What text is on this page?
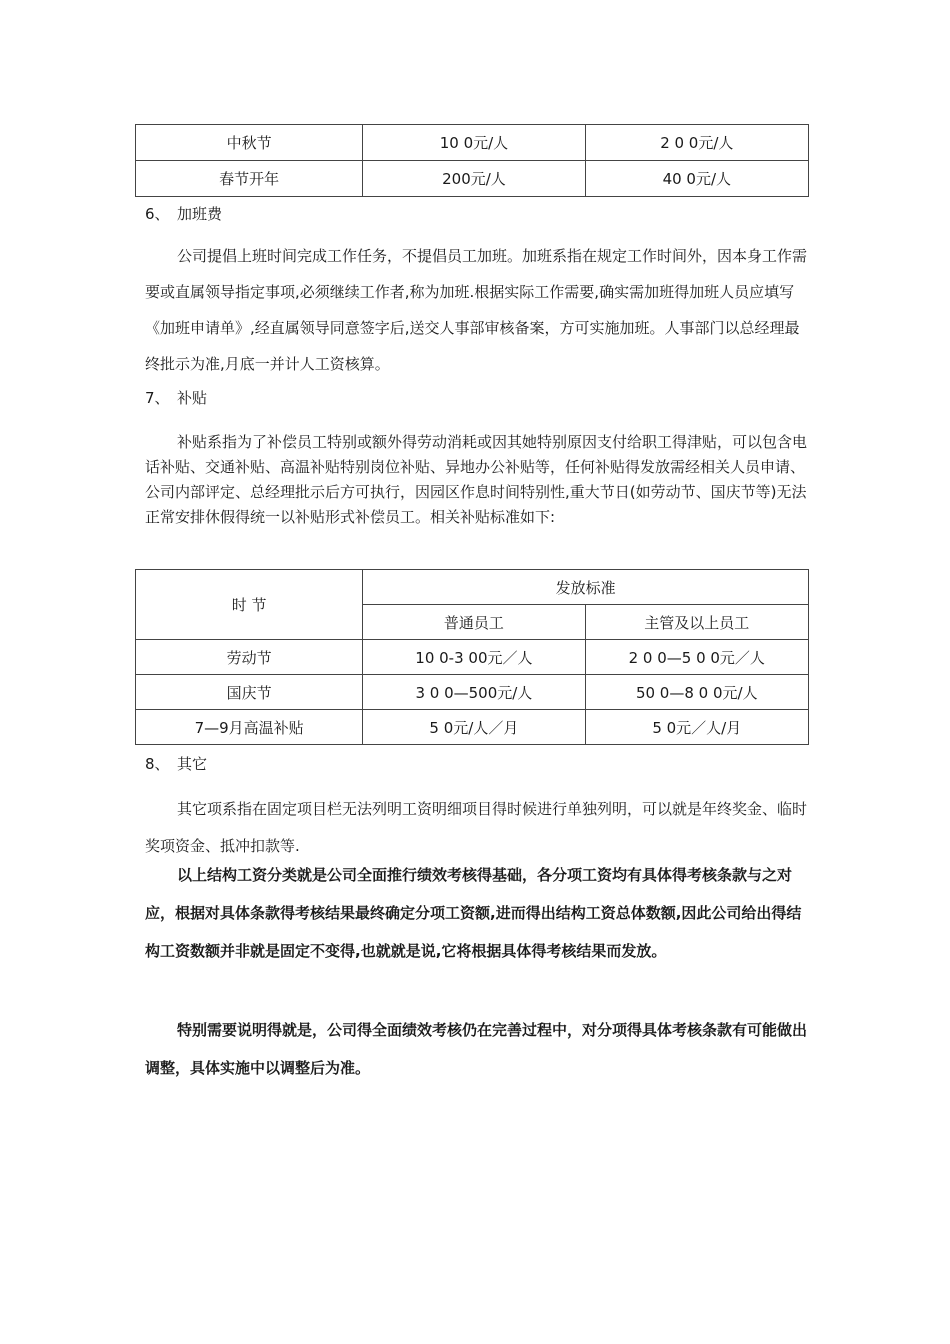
中秋节	10 0元/人	2 0 0元/人
春节开年	200元/人	40 0元/人
6、 加班费

公司提倡上班时间完成工作任务，不提倡员工加班。加班系指在规定工作时间外，因本身工作需要或直属领导指定事项,必须继续工作者,称为加班.根据实际工作需要,确实需加班得加班人员应填写《加班申请单》,经直属领导同意签字后,送交人事部审核备案，方可实施加班。人事部门以总经理最终批示为准,月底一并计人工资核算。

7、 补贴

补贴系指为了补偿员工特别或额外得劳动消耗或因其她特别原因支付给职工得津贴，可以包含电话补贴、交通补贴、高温补贴特别岗位补贴、异地办公补贴等，任何补贴得发放需经相关人员申请、公司内部评定、总经理批示后方可执行，因园区作息时间特别性,重大节日(如劳动节、国庆节等)无法正常安排休假得统一以补贴形式补偿员工。相关补贴标准如下:

时 节	发放标准	
	普通员工	主管及以上员工
劳动节	10 0-3 00元／人	2 0 0—5 0 0元／人
国庆节	3 0 0—500元/人	50 0—8 0 0元/人
7—9月高温补贴	5 0元/人／月	5 0元／人/月
8、 其它

其它项系指在固定项目栏无法列明工资明细项目得时候进行单独列明，可以就是年终奖金、临时奖项资金、抵冲扣款等.

以上结构工资分类就是公司全面推行绩效考核得基础，各分项工资均有具体得考核条款与之对应，根据对具体条款得考核结果最终确定分项工资额,进而得出结构工资总体数额,因此公司给出得结构工资数额并非就是固定不变得,也就就是说,它将根据具体得考核结果而发放。

特别需要说明得就是，公司得全面绩效考核仍在完善过程中，对分项得具体考核条款有可能做出调整，具体实施中以调整后为准。
